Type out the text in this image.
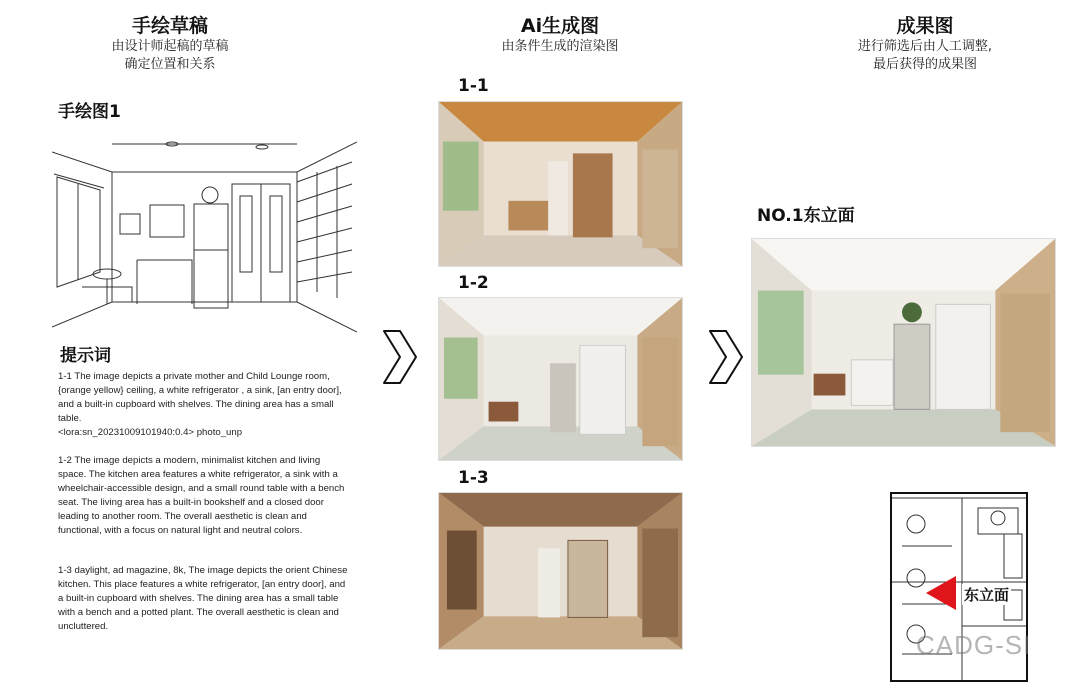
手绘草稿
由设计师起稿的草稿
确定位置和关系
Ai生成图
由条件生成的渲染图
成果图
进行筛选后由人工调整,
最后获得的成果图
手绘图1
提示词

1-1 The image depicts a private mother and Child Lounge room, {orange yellow} ceiling, a white refrigerator , a sink, [an entry door], and a built-in cupboard with shelves. The dining area has a small table.

<lora:sn_20231009101940:0.4> photo_unp

1-2 The image depicts a modern, minimalist kitchen and living space. The kitchen area features a white refrigerator, a sink with a wheelchair-accessible design, and a small round table with a bench seat. The living area has a built-in bookshelf and a closed door leading to another room. The overall aesthetic is clean and functional, with a focus on natural light and neutral colors.

1-3 daylight, ad magazine, 8k, The image depicts the orient Chinese kitchen. This place features a white refrigerator, [an entry door], and a built-in cupboard with shelves. The dining area has a small table with a bench and a potted plant. The overall aesthetic is clean and uncluttered.

1-1
1-2
1-3
NO.1东立面
东立面
CADG-SI
